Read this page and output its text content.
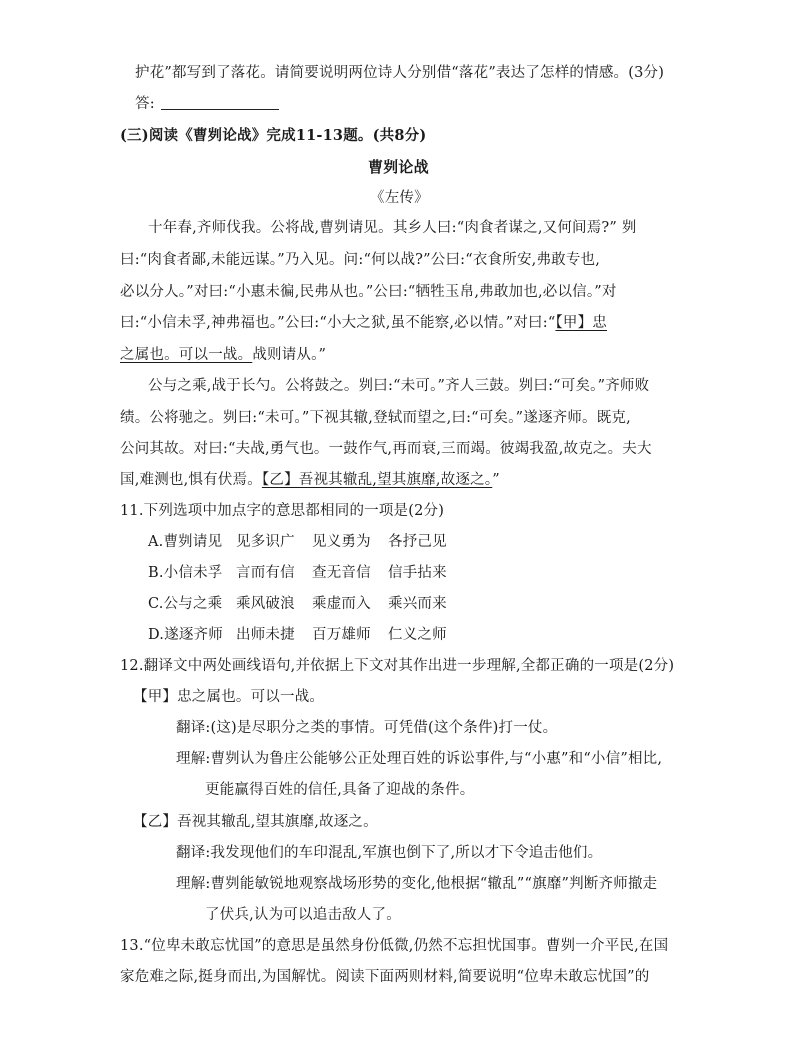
护花”都写到了落花。请简要说明两位诗人分别借“落花”表达了怎样的情感。(3分)
答:
(三)阅读《曹刿论战》完成11-13题。(共8分)
曹刿论战
《左传》
十年春,齐师伐我。公将战,曹刿请见。其乡人曰:“肉食者谋之,又何间焉?” 刿
曰:“肉食者鄙,未能远谋。”乃入见。问:“何以战?”公曰:“衣食所安,弗敢专也,
必以分人。”对曰:“小惠未徧,民弗从也。”公曰:“牺牲玉帛,弗敢加也,必以信。”对
曰:“小信未孚,神弗福也。”公曰:“小大之狱,虽不能察,必以情。”对曰:“【甲】忠
之属也。可以一战。战则请从。”
公与之乘,战于长勺。公将鼓之。刿曰:“未可。”齐人三鼓。刿曰:“可矣。”齐师败
绩。公将驰之。刿曰:“未可。”下视其辙,登轼而望之,曰:“可矣。”遂逐齐师。既克,
公问其故。对曰:“夫战,勇气也。一鼓作气,再而衰,三而竭。彼竭我盈,故克之。夫大
国,难测也,惧有伏焉。【乙】吾视其辙乱,望其旗靡,故逐之。”
11.下列选项中加点字的意思都相同的一项是(2分)
A.曹刿请见 见多识广 见义勇为 各抒己见
B.小信未孚 言而有信 查无音信 信手拈来
C.公与之乘 乘风破浪 乘虚而入 乘兴而来
D.遂逐齐师 出师未捷 百万雄师 仁义之师
12.翻译文中两处画线语句,并依据上下文对其作出进一步理解,全都正确的一项是(2分)
【甲】忠之属也。可以一战。
翻译:(这)是尽职分之类的事情。可凭借(这个条件)打一仗。
理解:曹刿认为鲁庄公能够公正处理百姓的诉讼事件,与“小惠”和“小信”相比,
更能赢得百姓的信任,具备了迎战的条件。
【乙】吾视其辙乱,望其旗靡,故逐之。
翻译:我发现他们的车印混乱,军旗也倒下了,所以才下令追击他们。
理解:曹刿能敏锐地观察战场形势的变化,他根据“辙乱”“旗靡”判断齐师撤走
了伏兵,认为可以追击敌人了。
13.“位卑未敢忘忧国”的意思是虽然身份低微,仍然不忘担忧国事。曹刿一介平民,在国
家危难之际,挺身而出,为国解忧。阅读下面两则材料,简要说明“位卑未敢忘忧国”的
